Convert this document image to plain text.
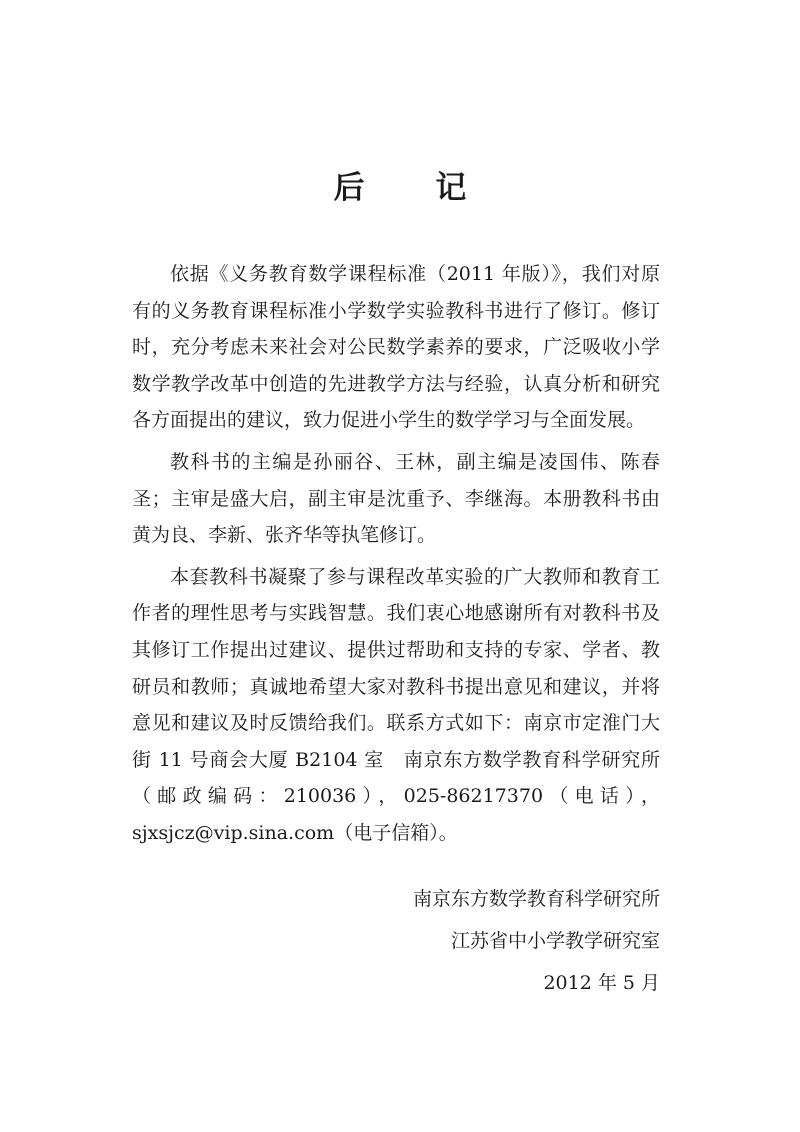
后 记

依据《义务教育数学课程标准（2011 年版）》，我们对原有的义务教育课程标准小学数学实验教科书进行了修订。修订时，充分考虑未来社会对公民数学素养的要求，广泛吸收小学数学教学改革中创造的先进教学方法与经验，认真分析和研究各方面提出的建议，致力促进小学生的数学学习与全面发展。

教科书的主编是孙丽谷、王林，副主编是凌国伟、陈春圣；主审是盛大启，副主审是沈重予、李继海。本册教科书由黄为良、李新、张齐华等执笔修订。

本套教科书凝聚了参与课程改革实验的广大教师和教育工作者的理性思考与实践智慧。我们衷心地感谢所有对教科书及其修订工作提出过建议、提供过帮助和支持的专家、学者、教研员和教师；真诚地希望大家对教科书提出意见和建议，并将意见和建议及时反馈给我们。联系方式如下：南京市定淮门大街 11 号商会大厦 B2104 室　南京东方数学教育科学研究所（邮政编码：210036），025-86217370（电话），sjxsjcz@vip.sina.com（电子信箱）。

南京东方数学教育科学研究所
江苏省中小学教学研究室
2012 年 5 月
